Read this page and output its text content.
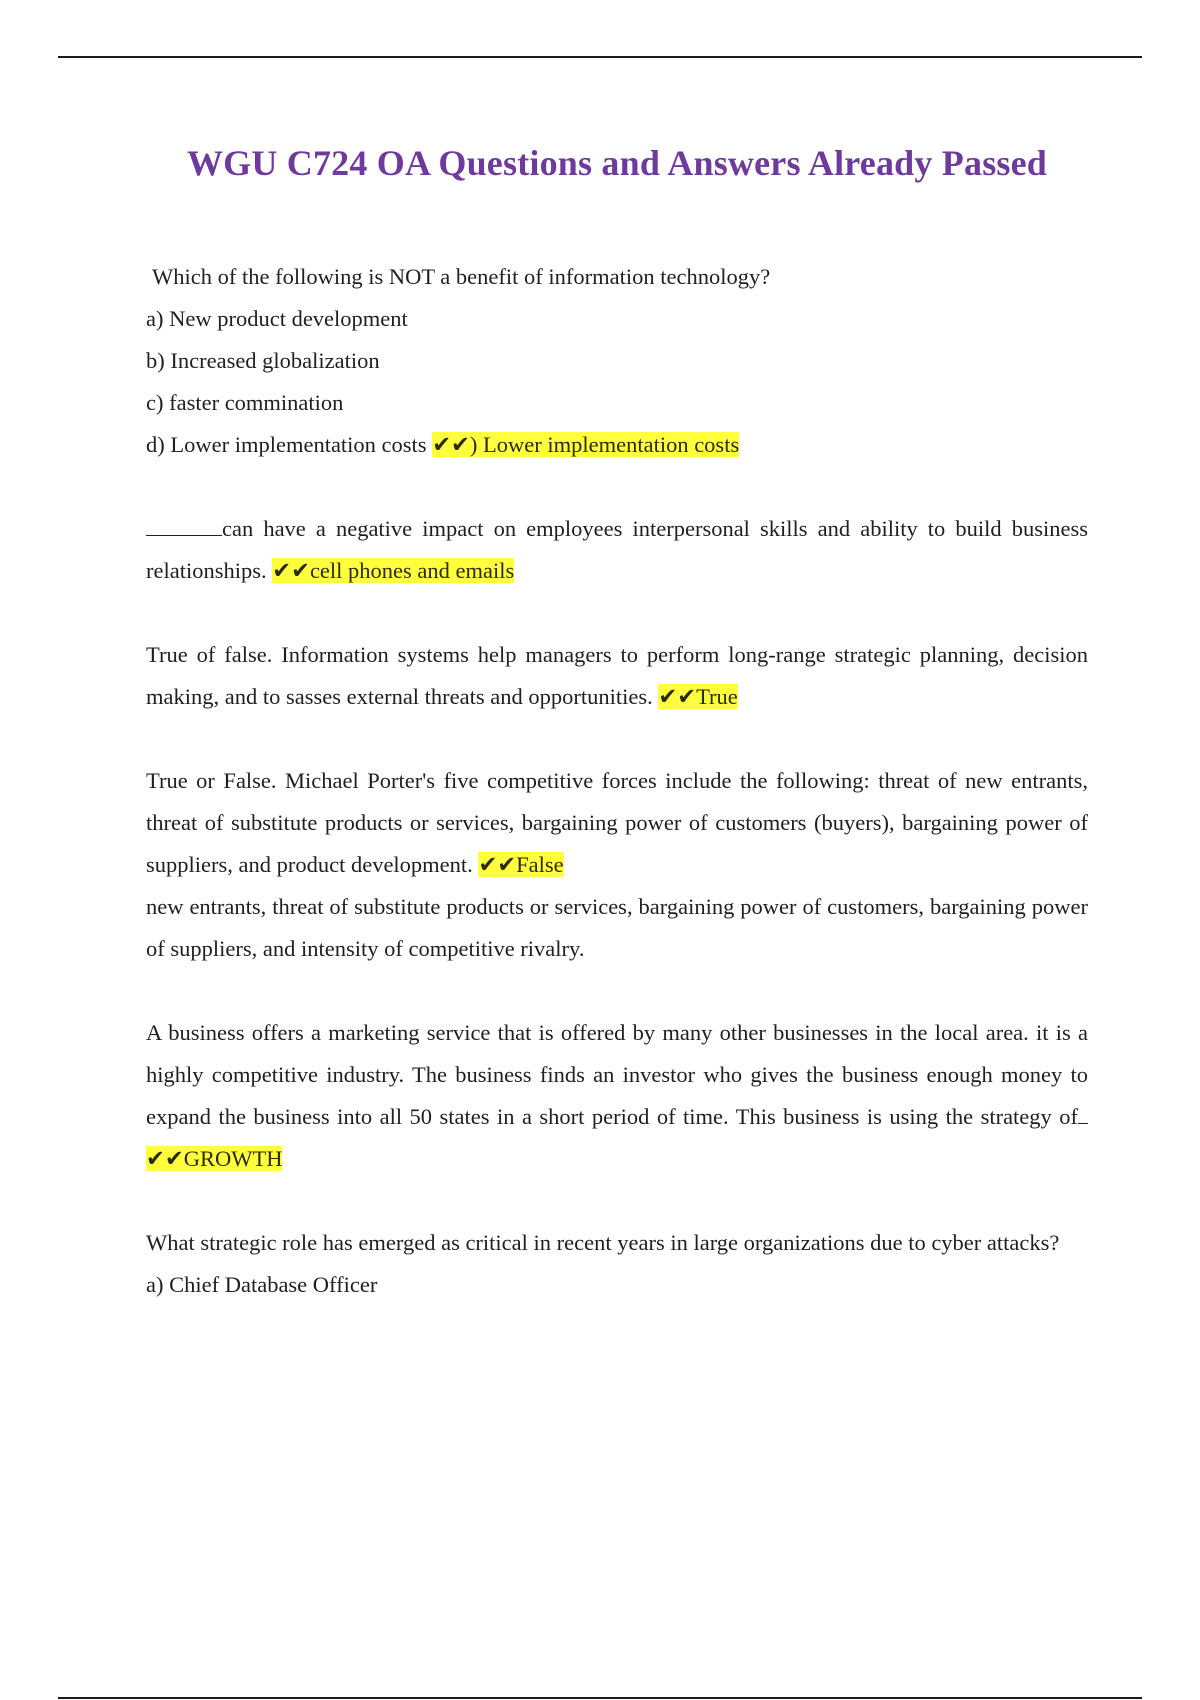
WGU C724 OA Questions and Answers Already Passed

Which of the following is NOT a benefit of information technology?

a) New product development

b) Increased globalization

c) faster commination

d) Lower implementation costs ✔✔) Lower implementation costs

can have a negative impact on employees interpersonal skills and ability to build business relationships. ✔✔cell phones and emails

True of false. Information systems help managers to perform long-range strategic planning, decision making, and to sasses external threats and opportunities. ✔✔True

True or False. Michael Porter's five competitive forces include the following: threat of new entrants, threat of substitute products or services, bargaining power of customers (buyers), bargaining power of suppliers, and product development. ✔✔False

new entrants, threat of substitute products or services, bargaining power of customers, bargaining power of suppliers, and intensity of competitive rivalry.

A business offers a marketing service that is offered by many other businesses in the local area. it is a highly competitive industry. The business finds an investor who gives the business enough money to expand the business into all 50 states in a short period of time. This business is using the strategy of✔✔GROWTH

What strategic role has emerged as critical in recent years in large organizations due to cyber attacks?

a) Chief Database Officer
